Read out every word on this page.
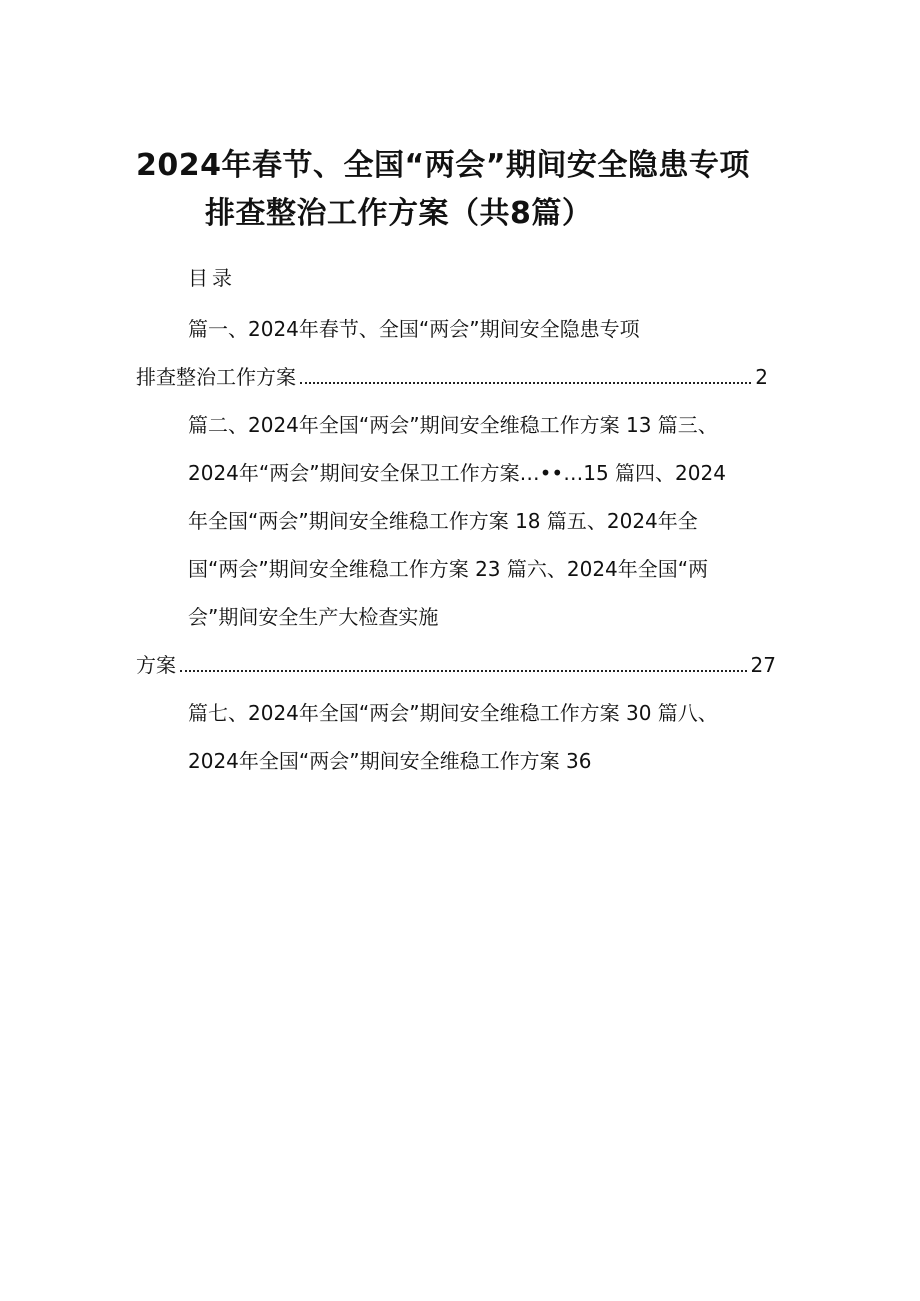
2024年春节、全国“两会”期间安全隐患专项
排查整治工作方案（共8篇）
目录
篇一、2024年春节、全国“两会”期间安全隐患专项
排查整治工作方案	2
篇二、2024年全国“两会”期间安全维稳工作方案 13 篇三、
2024年“两会”期间安全保卫工作方案…••…15 篇四、2024
年全国“两会”期间安全维稳工作方案 18 篇五、2024年全
国“两会”期间安全维稳工作方案 23 篇六、2024年全国“两
会”期间安全生产大检查实施
方案	27
篇七、2024年全国“两会”期间安全维稳工作方案 30 篇八、
2024年全国“两会”期间安全维稳工作方案 36
